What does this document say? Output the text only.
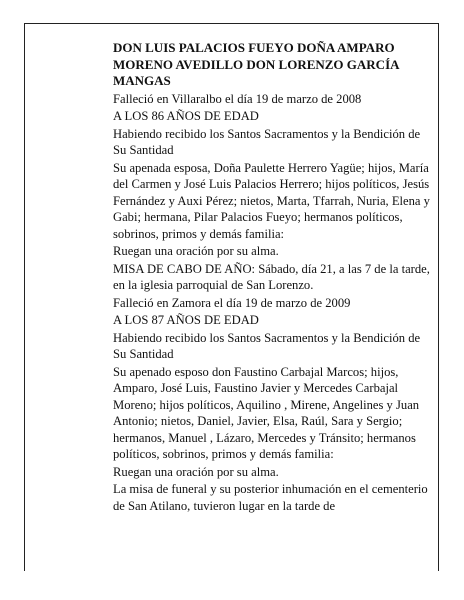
DON LUIS PALACIOS FUEYO DOÑA AMPARO MORENO AVEDILLO DON LORENZO GARCÍA MANGAS
Falleció en Villaralbo el día 19 de marzo de 2008
A LOS 86 AÑOS DE EDAD
Habiendo recibido los Santos Sacramentos y la Bendición de Su Santidad
Su apenada esposa, Doña Paulette Herrero Yagüe; hijos, María del Carmen y José Luis Palacios Herrero; hijos políticos, Jesús Fernández y Auxi Pérez; nietos, Marta, Tfarrah, Nuria, Elena y Gabi; hermana, Pilar Palacios Fueyo; hermanos políticos, sobrinos, primos y demás familia:
Ruegan una oración por su alma.
MISA DE CABO DE AÑO: Sábado, día 21, a las 7 de la tarde, en la iglesia parroquial de San Lorenzo.
Falleció en Zamora el día 19 de marzo de 2009
A LOS 87 AÑOS DE EDAD
Habiendo recibido los Santos Sacramentos y la Bendición de Su Santidad
Su apenado esposo don Faustino Carbajal Marcos; hijos, Amparo, José Luis, Faustino Javier y Mercedes Carbajal Moreno; hijos políticos, Aquilino , Mirene, Angelines y Juan Antonio; nietos, Daniel, Javier, Elsa, Raúl, Sara y Sergio; hermanos, Manuel , Lázaro, Mercedes y Tránsito; hermanos políticos, sobrinos, primos y demás familia:
Ruegan una oración por su alma.
La misa de funeral y su posterior inhumación en el cementerio de San Atilano, tuvieron lugar en la tarde de
